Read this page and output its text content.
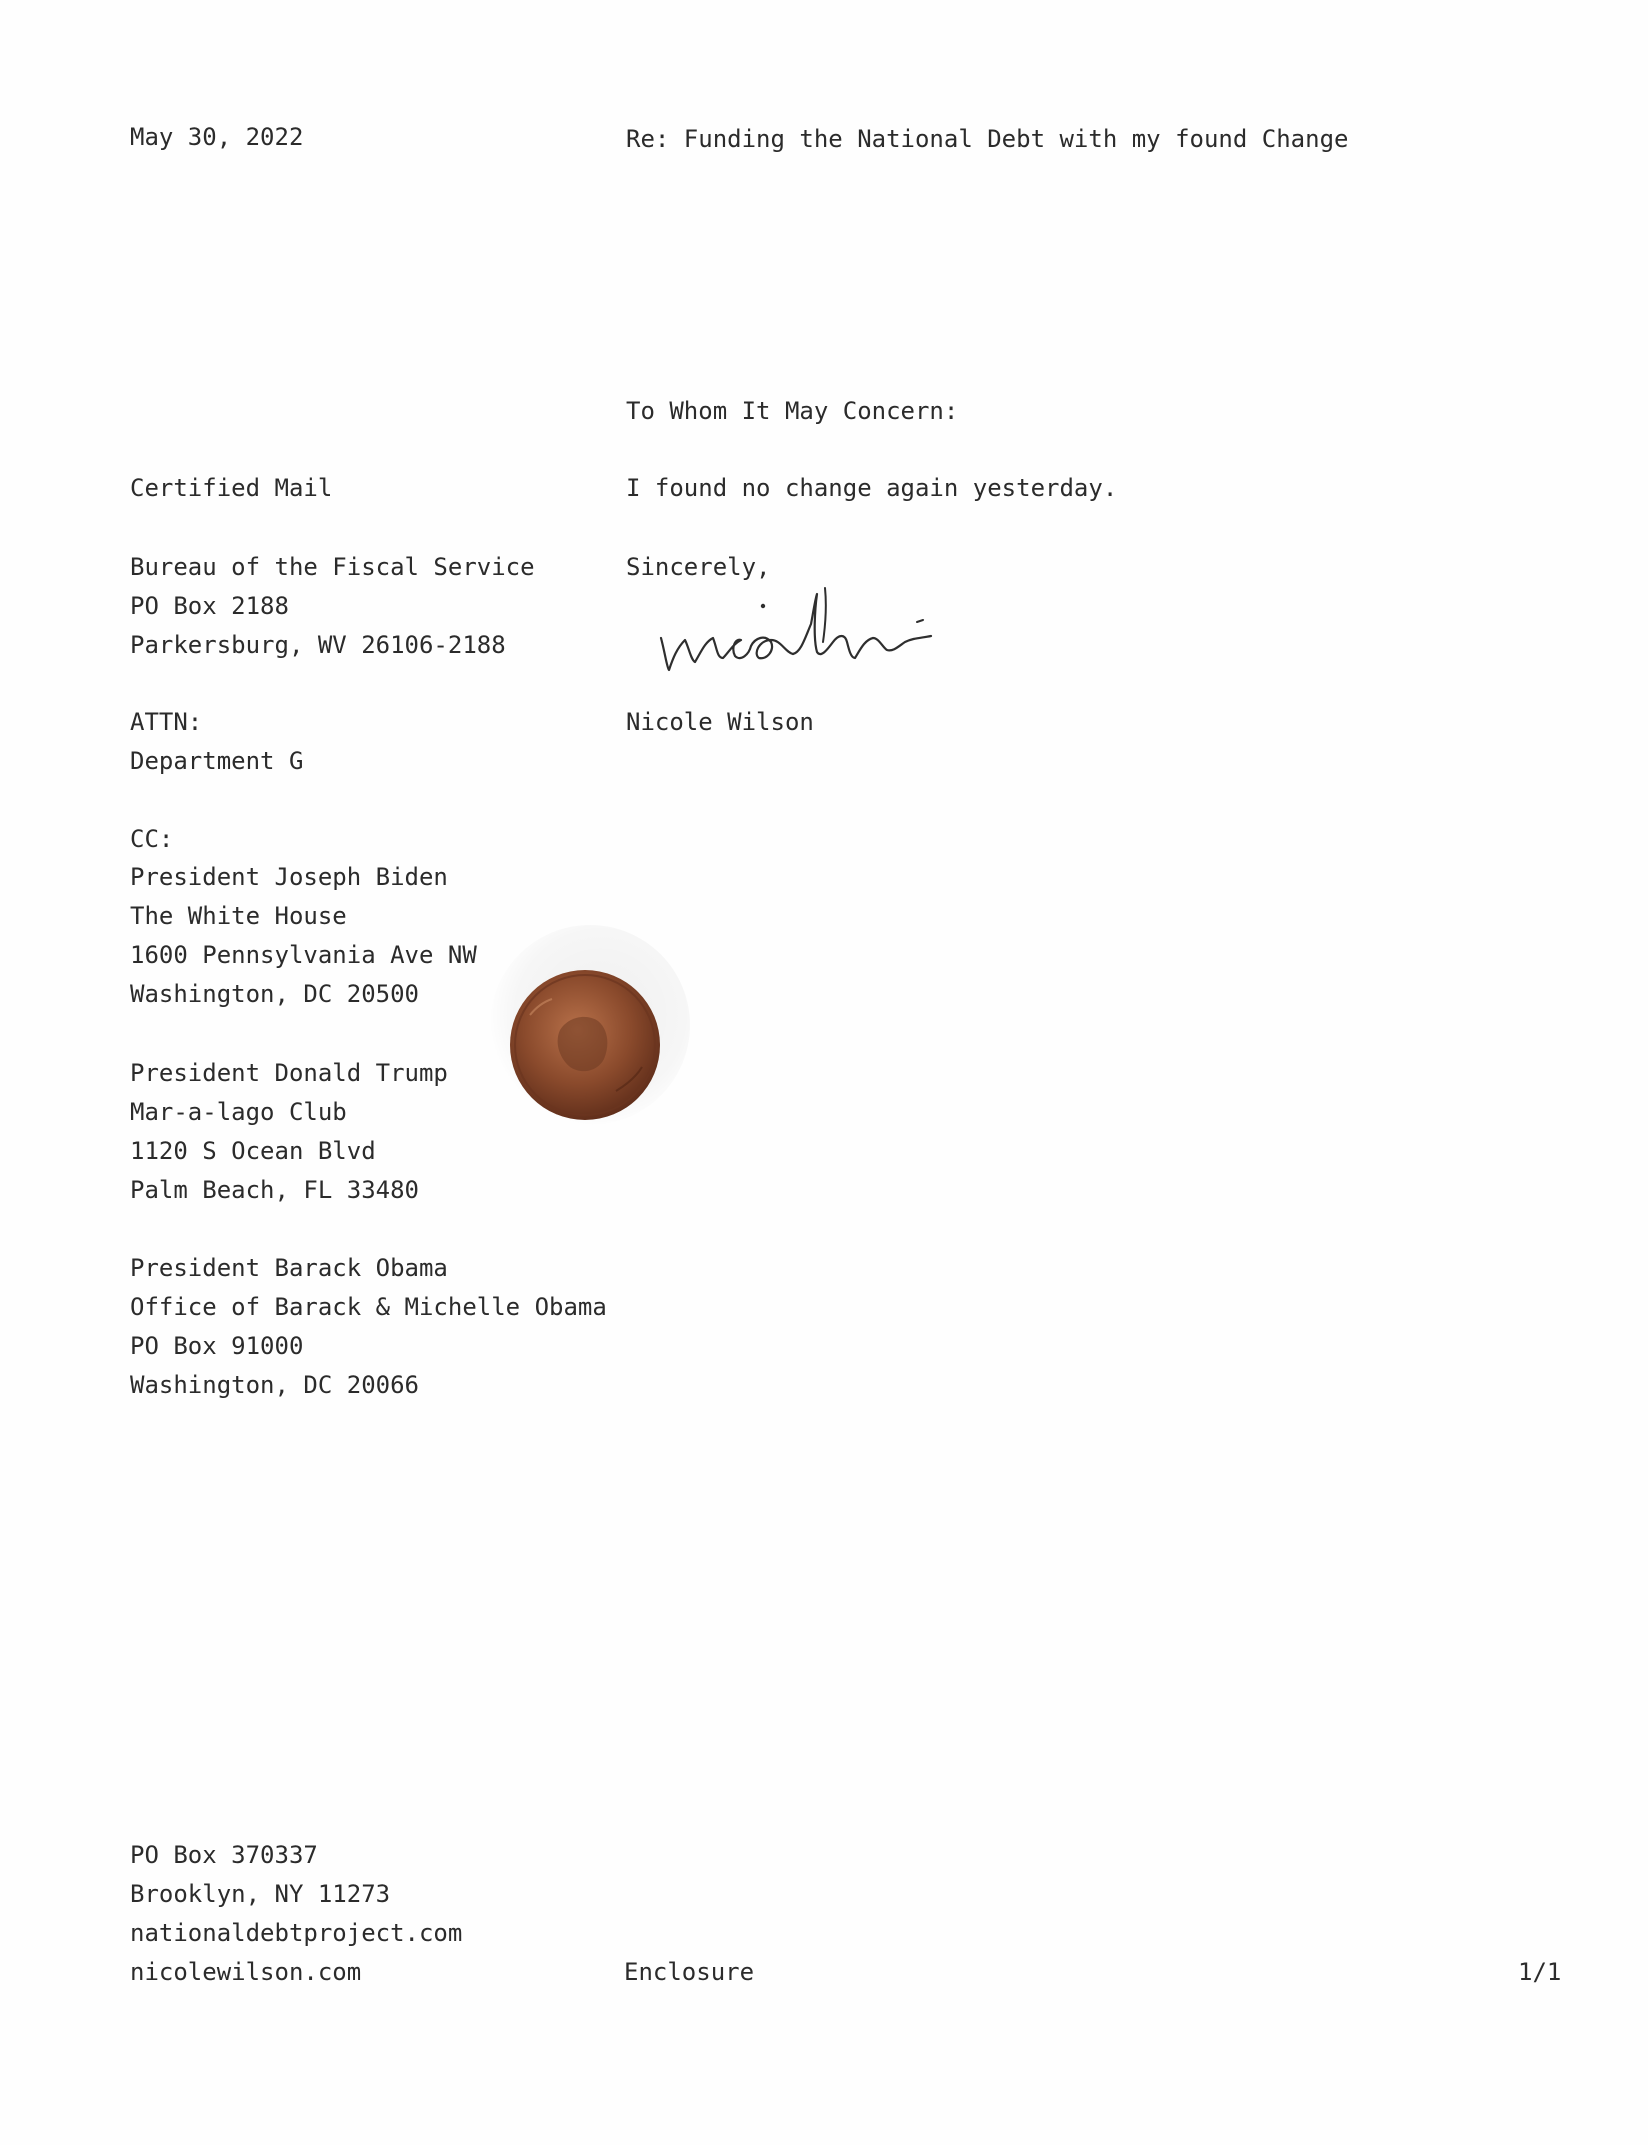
May 30, 2022	Re: Funding the National Debt with my found Change
To Whom It May Concern:
I found no change again yesterday.
Sincerely,
Nicole Wilson
Certified Mail
Bureau of the Fiscal Service
PO Box 2188
Parkersburg, WV 26106-2188
ATTN:
Department G
CC:
President Joseph Biden
The White House
1600 Pennsylvania Ave NW
Washington, DC 20500
President Donald Trump
Mar-a-lago Club
1120 S Ocean Blvd
Palm Beach, FL 33480
President Barack Obama
Office of Barack & Michelle Obama
PO Box 91000
Washington, DC 20066
PO Box 370337
Brooklyn, NY 11273
nationaldebtproject.com
nicolewilson.com	Enclosure	1/1
